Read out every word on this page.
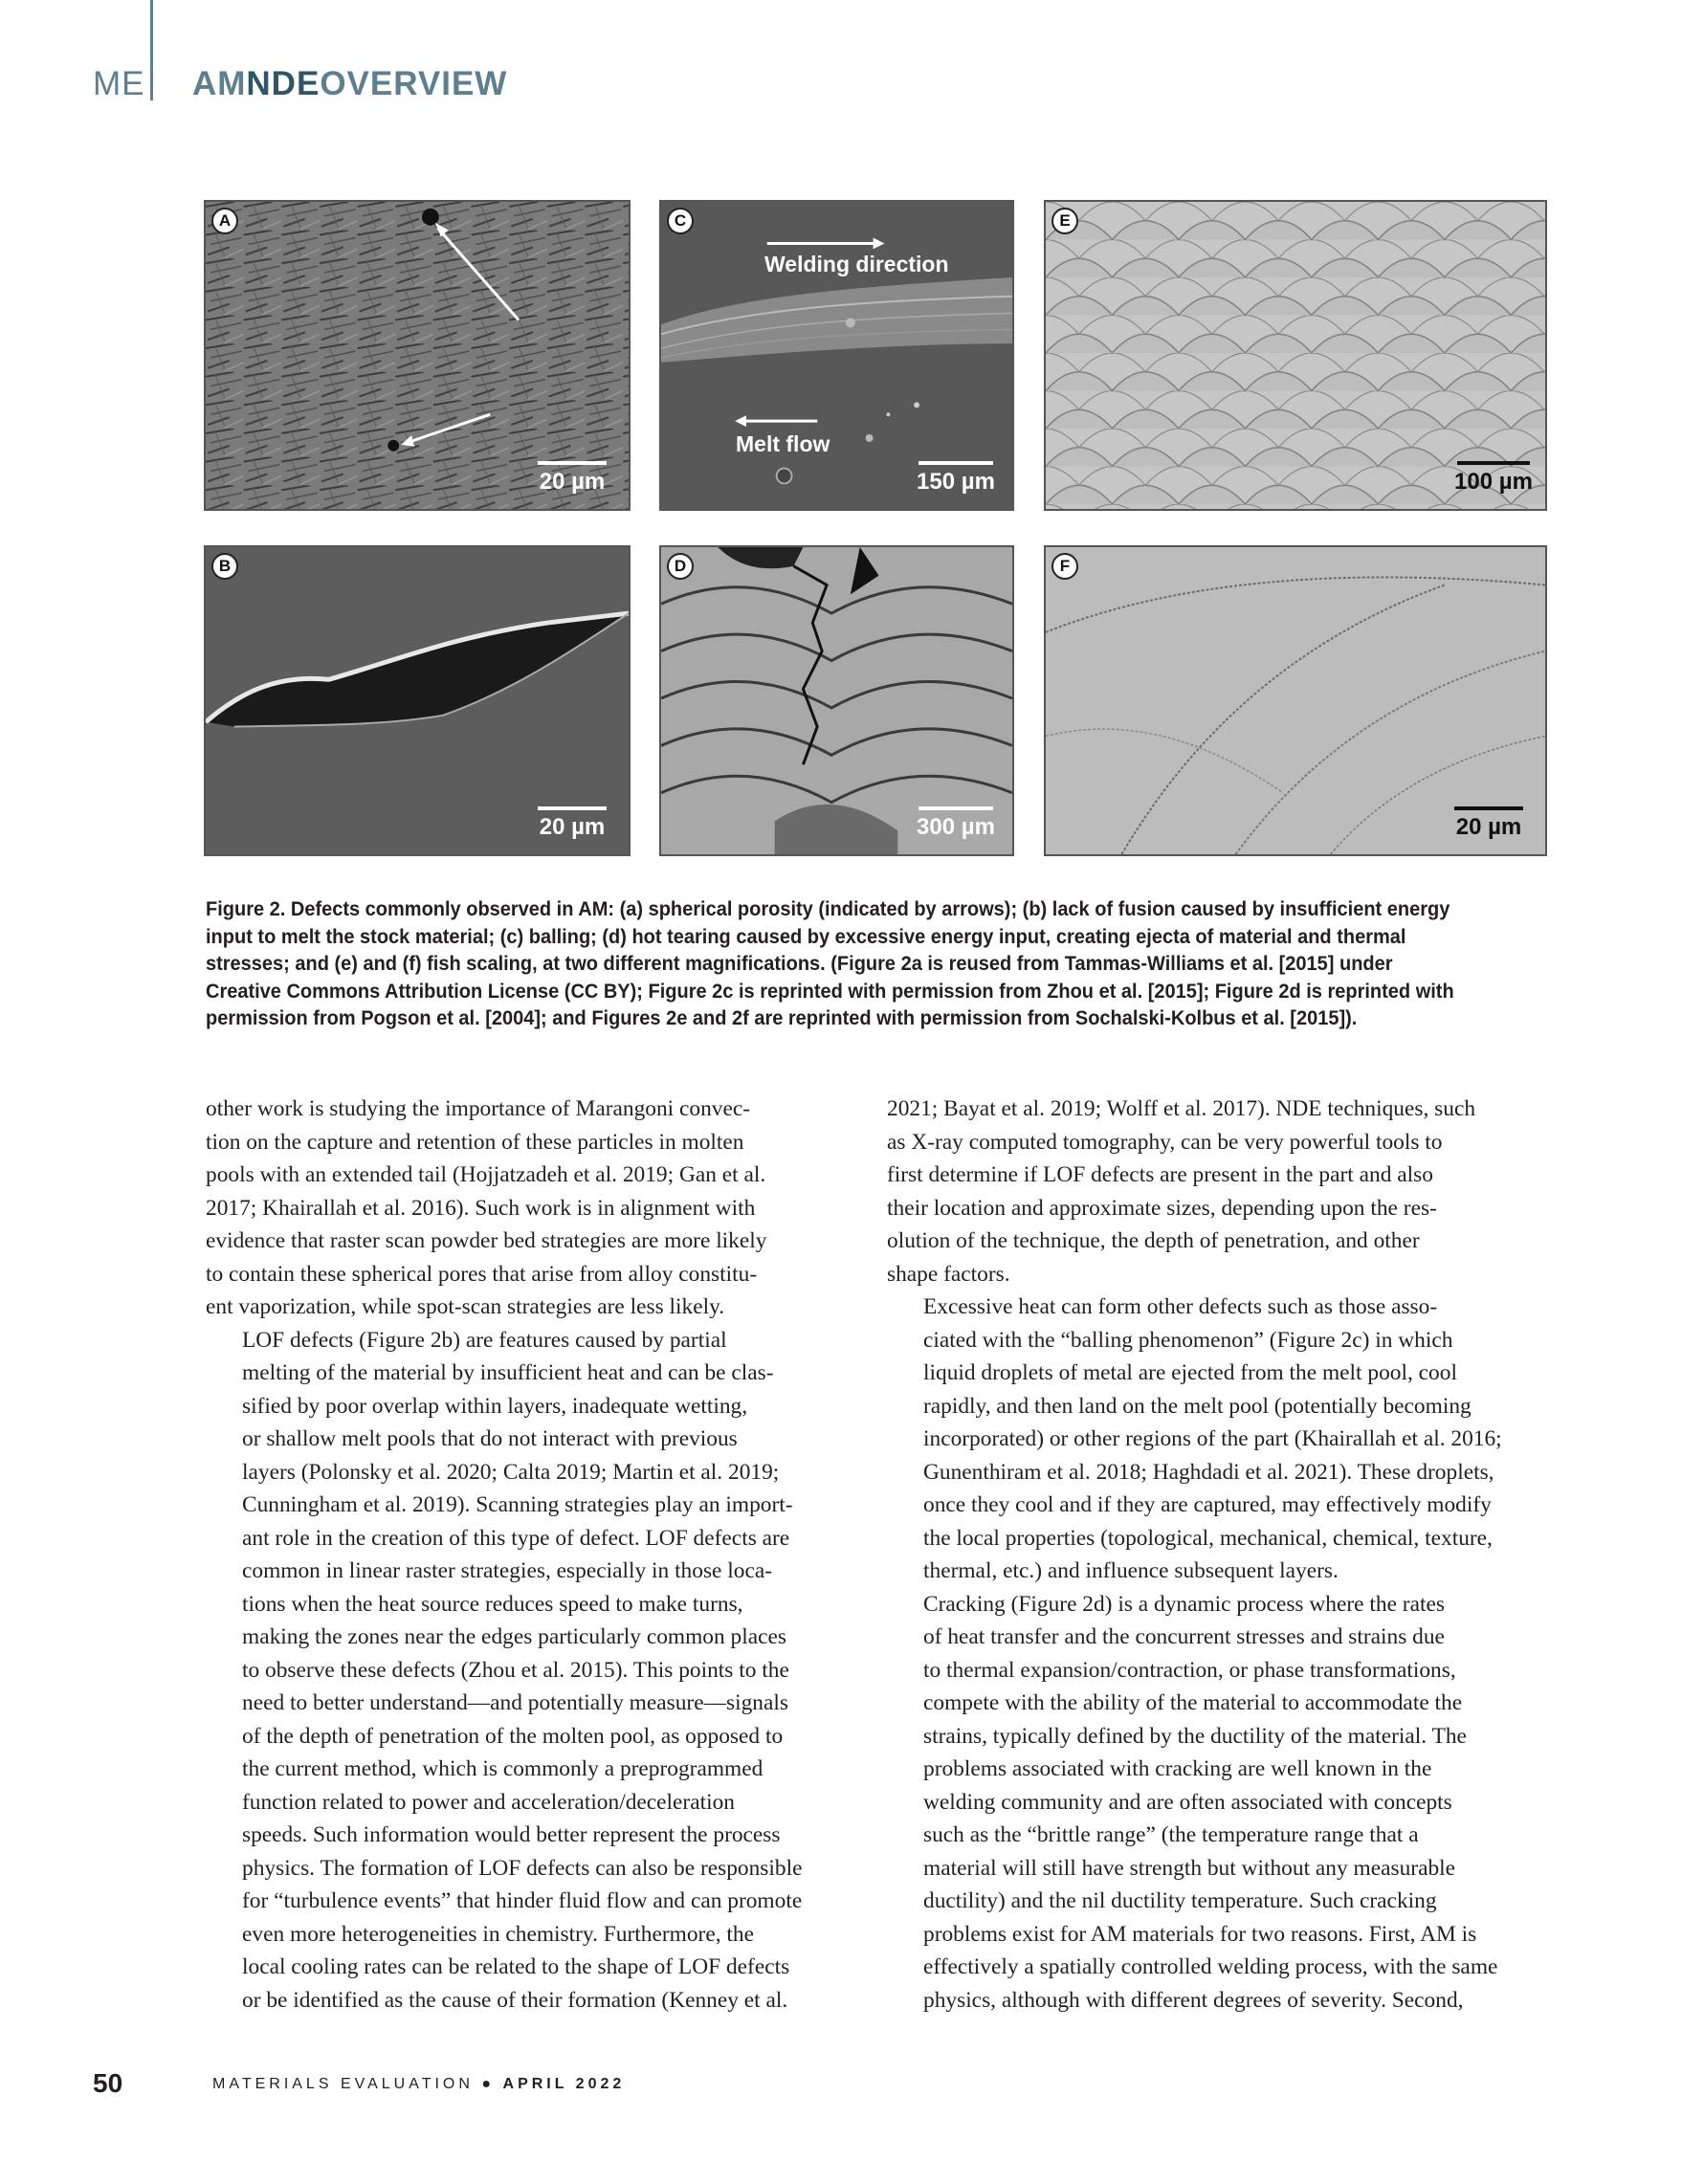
ME AMNDEOVERVIEW
A
20 µm
C
Welding direction
Melt flow
150 µm
E
100 µm
B
20 µm
D
300 µm
F
20 µm
Figure 2. Defects commonly observed in AM: (a) spherical porosity (indicated by arrows); (b) lack of fusion caused by insufficient energy input to melt the stock material; (c) balling; (d) hot tearing caused by excessive energy input, creating ejecta of material and thermal stresses; and (e) and (f) fish scaling, at two different magnifications. (Figure 2a is reused from Tammas-Williams et al. [2015] under Creative Commons Attribution License (CC BY); Figure 2c is reprinted with permission from Zhou et al. [2015]; Figure 2d is reprinted with permission from Pogson et al. [2004]; and Figures 2e and 2f are reprinted with permission from Sochalski-Kolbus et al. [2015]).

other work is studying the importance of Marangoni convec-
tion on the capture and retention of these particles in molten
pools with an extended tail (Hojjatzadeh et al. 2019; Gan et al.
2017; Khairallah et al. 2016). Such work is in alignment with
evidence that raster scan powder bed strategies are more likely
to contain these spherical pores that arise from alloy constitu-
ent vaporization, while spot-scan strategies are less likely.

LOF defects (Figure 2b) are features caused by partial
melting of the material by insufficient heat and can be clas-
sified by poor overlap within layers, inadequate wetting,
or shallow melt pools that do not interact with previous
layers (Polonsky et al. 2020; Calta 2019; Martin et al. 2019;
Cunningham et al. 2019). Scanning strategies play an import-
ant role in the creation of this type of defect. LOF defects are
common in linear raster strategies, especially in those loca-
tions when the heat source reduces speed to make turns,
making the zones near the edges particularly common places
to observe these defects (Zhou et al. 2015). This points to the
need to better understand—and potentially measure—signals
of the depth of penetration of the molten pool, as opposed to
the current method, which is commonly a preprogrammed
function related to power and acceleration/deceleration
speeds. Such information would better represent the process
physics. The formation of LOF defects can also be responsible
for “turbulence events” that hinder fluid flow and can promote
even more heterogeneities in chemistry. Furthermore, the
local cooling rates can be related to the shape of LOF defects
or be identified as the cause of their formation (Kenney et al.

2021; Bayat et al. 2019; Wolff et al. 2017). NDE techniques, such
as X-ray computed tomography, can be very powerful tools to
first determine if LOF defects are present in the part and also
their location and approximate sizes, depending upon the res-
olution of the technique, the depth of penetration, and other
shape factors.

Excessive heat can form other defects such as those asso-
ciated with the “balling phenomenon” (Figure 2c) in which
liquid droplets of metal are ejected from the melt pool, cool
rapidly, and then land on the melt pool (potentially becoming
incorporated) or other regions of the part (Khairallah et al. 2016;
Gunenthiram et al. 2018; Haghdadi et al. 2021). These droplets,
once they cool and if they are captured, may effectively modify
the local properties (topological, mechanical, chemical, texture,
thermal, etc.) and influence subsequent layers.

Cracking (Figure 2d) is a dynamic process where the rates
of heat transfer and the concurrent stresses and strains due
to thermal expansion/contraction, or phase transformations,
compete with the ability of the material to accommodate the
strains, typically defined by the ductility of the material. The
problems associated with cracking are well known in the
welding community and are often associated with concepts
such as the “brittle range” (the temperature range that a
material will still have strength but without any measurable
ductility) and the nil ductility temperature. Such cracking
problems exist for AM materials for two reasons. First, AM is
effectively a spatially controlled welding process, with the same
physics, although with different degrees of severity. Second,

50	MATERIALS EVALUATION ● APRIL 2022
